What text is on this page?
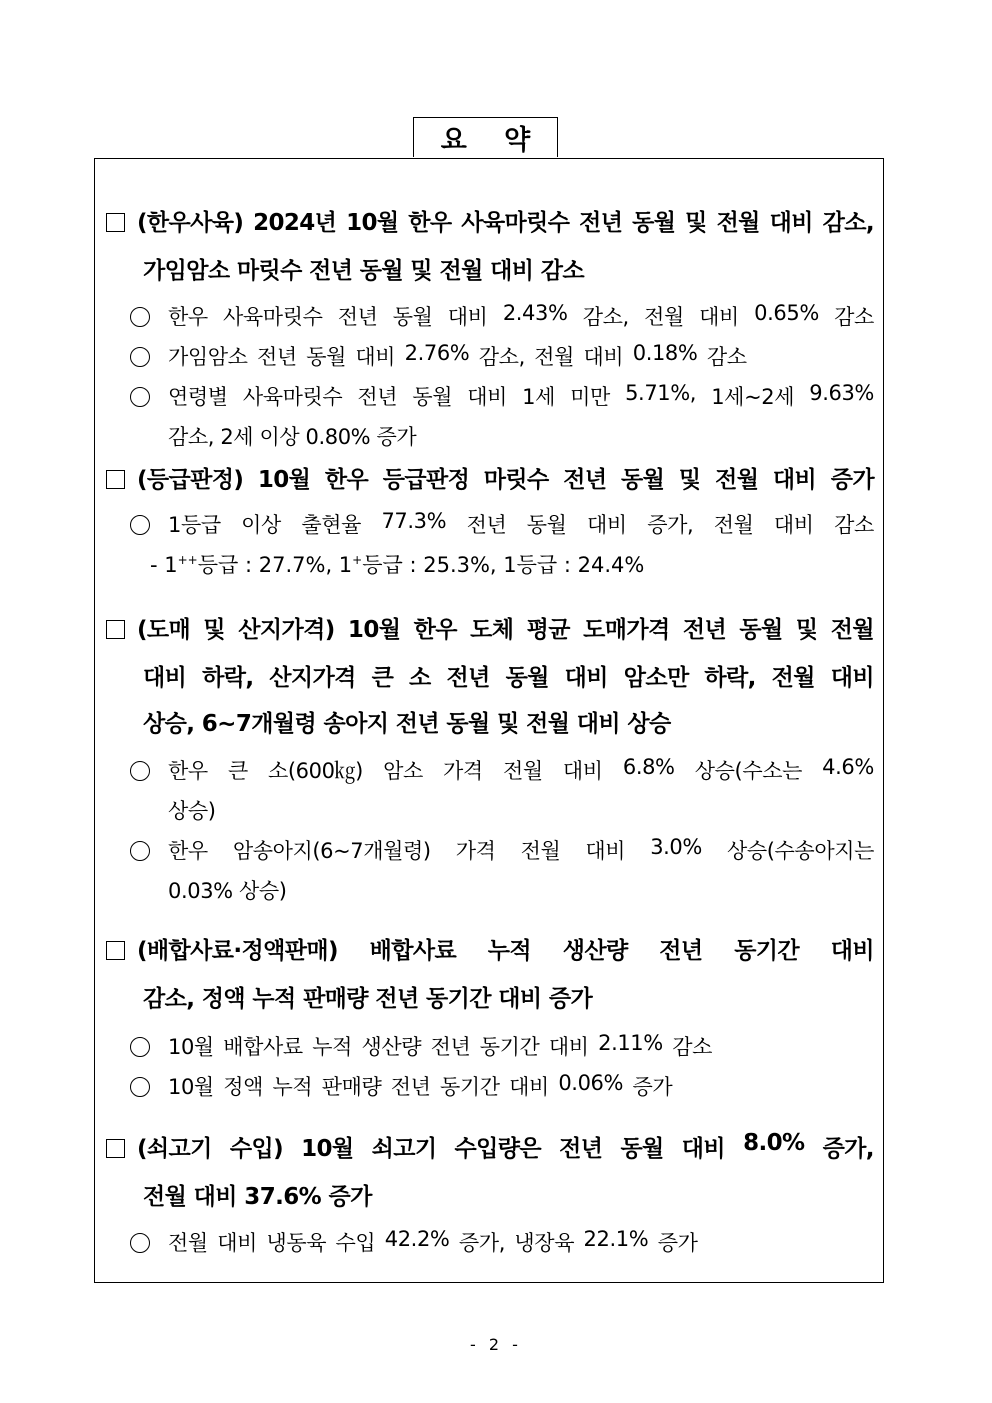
요 약
(한우사육) 2024년 10월 한우 사육마릿수 전년 동월 및 전월 대비 감소,
가임암소 마릿수 전년 동월 및 전월 대비 감소
한우 사육마릿수 전년 동월 대비 2.43% 감소, 전월 대비 0.65% 감소
가임암소 전년 동월 대비 2.76% 감소, 전월 대비 0.18% 감소
연령별 사육마릿수 전년 동월 대비 1세 미만 5.71%, 1세~2세 9.63%
감소, 2세 이상 0.80% 증가
(등급판정) 10월 한우 등급판정 마릿수 전년 동월 및 전월 대비 증가
1등급 이상 출현율 77.3% 전년 동월 대비 증가, 전월 대비 감소
- 1++등급 : 27.7%, 1+등급 : 25.3%, 1등급 : 24.4%
(도매 및 산지가격) 10월 한우 도체 평균 도매가격 전년 동월 및 전월
대비 하락, 산지가격 큰 소 전년 동월 대비 암소만 하락, 전월 대비
상승, 6~7개월령 송아지 전년 동월 및 전월 대비 상승
한우 큰 소(600㎏) 암소 가격 전월 대비 6.8% 상승(수소는 4.6%
상승)
한우 암송아지(6~7개월령) 가격 전월 대비 3.0% 상승(수송아지는
0.03% 상승)
(배합사료·정액판매) 배합사료 누적 생산량 전년 동기간 대비
감소, 정액 누적 판매량 전년 동기간 대비 증가
10월 배합사료 누적 생산량 전년 동기간 대비 2.11% 감소
10월 정액 누적 판매량 전년 동기간 대비 0.06% 증가
(쇠고기 수입) 10월 쇠고기 수입량은 전년 동월 대비 8.0% 증가,
전월 대비 37.6% 증가
전월 대비 냉동육 수입 42.2% 증가, 냉장육 22.1% 증가
- 2 -
